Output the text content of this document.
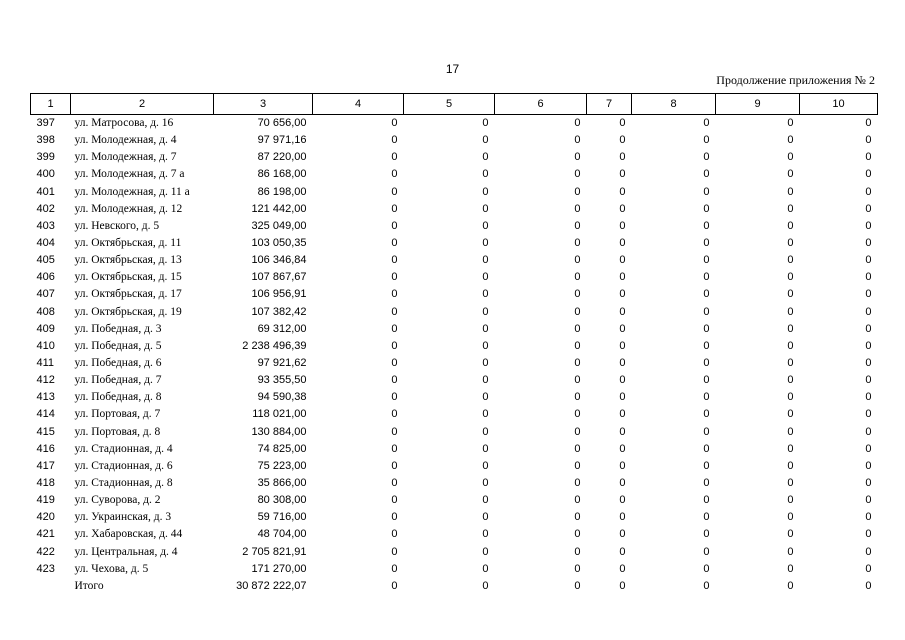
17
Продолжение приложения № 2
1	2	3	4	5	6	7	8	9	10
397	ул. Матросова, д. 16	70 656,00	0	0	0	0	0	0	0
398	ул. Молодежная, д. 4	97 971,16	0	0	0	0	0	0	0
399	ул. Молодежная, д. 7	87 220,00	0	0	0	0	0	0	0
400	ул. Молодежная, д. 7 а	86 168,00	0	0	0	0	0	0	0
401	ул. Молодежная, д. 11 а	86 198,00	0	0	0	0	0	0	0
402	ул. Молодежная, д. 12	121 442,00	0	0	0	0	0	0	0
403	ул. Невского, д. 5	325 049,00	0	0	0	0	0	0	0
404	ул. Октябрьская, д. 11	103 050,35	0	0	0	0	0	0	0
405	ул. Октябрьская, д. 13	106 346,84	0	0	0	0	0	0	0
406	ул. Октябрьская, д. 15	107 867,67	0	0	0	0	0	0	0
407	ул. Октябрьская, д. 17	106 956,91	0	0	0	0	0	0	0
408	ул. Октябрьская, д. 19	107 382,42	0	0	0	0	0	0	0
409	ул. Победная, д. 3	69 312,00	0	0	0	0	0	0	0
410	ул. Победная, д. 5	2 238 496,39	0	0	0	0	0	0	0
411	ул. Победная, д. 6	97 921,62	0	0	0	0	0	0	0
412	ул. Победная, д. 7	93 355,50	0	0	0	0	0	0	0
413	ул. Победная, д. 8	94 590,38	0	0	0	0	0	0	0
414	ул. Портовая, д. 7	118 021,00	0	0	0	0	0	0	0
415	ул. Портовая, д. 8	130 884,00	0	0	0	0	0	0	0
416	ул. Стадионная, д. 4	74 825,00	0	0	0	0	0	0	0
417	ул. Стадионная, д. 6	75 223,00	0	0	0	0	0	0	0
418	ул. Стадионная, д. 8	35 866,00	0	0	0	0	0	0	0
419	ул. Суворова, д. 2	80 308,00	0	0	0	0	0	0	0
420	ул. Украинская, д. 3	59 716,00	0	0	0	0	0	0	0
421	ул. Хабаровская, д. 44	48 704,00	0	0	0	0	0	0	0
422	ул. Центральная, д. 4	2 705 821,91	0	0	0	0	0	0	0
423	ул. Чехова, д. 5	171 270,00	0	0	0	0	0	0	0
	Итого	30 872 222,07	0	0	0	0	0	0	0
